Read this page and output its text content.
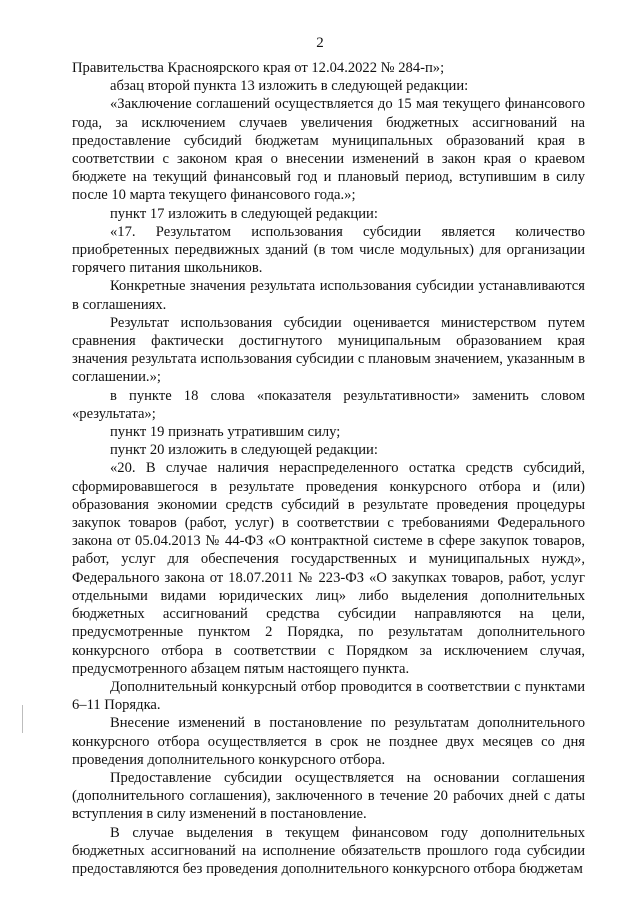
2

Правительства Красноярского края от 12.04.2022 № 284-п»;

абзац второй пункта 13 изложить в следующей редакции:

«Заключение соглашений осуществляется до 15 мая текущего финансового года, за исключением случаев увеличения бюджетных ассигнований на предоставление субсидий бюджетам муниципальных образований края в соответствии с законом края о внесении изменений в закон края о краевом бюджете на текущий финансовый год и плановый период, вступившим в силу после 10 марта текущего финансового года.»;

пункт 17 изложить в следующей редакции:

«17. Результатом использования субсидии является количество приобретенных передвижных зданий (в том числе модульных) для организации горячего питания школьников.

Конкретные значения результата использования субсидии устанавливаются в соглашениях.

Результат использования субсидии оценивается министерством путем сравнения фактически достигнутого муниципальным образованием края значения результата использования субсидии с плановым значением, указанным в соглашении.»;

в пункте 18 слова «показателя результативности» заменить словом «результата»;

пункт 19 признать утратившим силу;

пункт 20 изложить в следующей редакции:

«20. В случае наличия нераспределенного остатка средств субсидий, сформировавшегося в результате проведения конкурсного отбора и (или) образования экономии средств субсидий в результате проведения процедуры закупок товаров (работ, услуг) в соответствии с требованиями Федерального закона от 05.04.2013 № 44-ФЗ «О контрактной системе в сфере закупок товаров, работ, услуг для обеспечения государственных и муниципальных нужд», Федерального закона от 18.07.2011 № 223-ФЗ «О закупках товаров, работ, услуг отдельными видами юридических лиц» либо выделения дополнительных бюджетных ассигнований средства субсидии направляются на цели, предусмотренные пунктом 2 Порядка, по результатам дополнительного конкурсного отбора в соответствии с Порядком за исключением случая, предусмотренного абзацем пятым настоящего пункта.

Дополнительный конкурсный отбор проводится в соответствии с пунктами 6–11 Порядка.

Внесение изменений в постановление по результатам дополнительного конкурсного отбора осуществляется в срок не позднее двух месяцев со дня проведения дополнительного конкурсного отбора.

Предоставление субсидии осуществляется на основании соглашения (дополнительного соглашения), заключенного в течение 20 рабочих дней с даты вступления в силу изменений в постановление.

В случае выделения в текущем финансовом году дополнительных бюджетных ассигнований на исполнение обязательств прошлого года субсидии предоставляются без проведения дополнительного конкурсного отбора бюджетам
